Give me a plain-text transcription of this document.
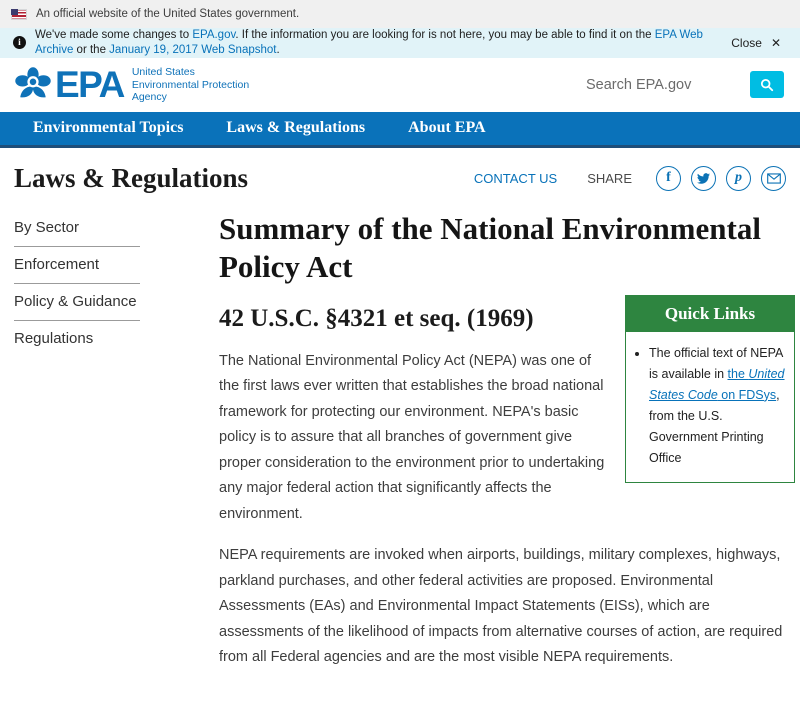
An official website of the United States government.
i
We've made some changes to EPA.gov. If the information you are looking for is not here, you may be able to find it on the EPA Web Archive or the January 19, 2017 Web Snapshot.	Close ✕
EPA United States
Environmental Protection
Agency
Search EPA.gov
Environmental Topics	Laws & Regulations	About EPA
Laws & Regulations	CONTACT US SHARE f	p
By Sector
Enforcement
Policy & Guidance
Regulations
Summary of the National Environmental Policy Act
Quick Links
• The official text of NEPA is available in the United States Code on FDSys, from the U.S. Government Printing Office
42 U.S.C. §4321 et seq. (1969)

The National Environmental Policy Act (NEPA) was one of the first laws ever written that establishes the broad national framework for protecting our environment. NEPA's basic policy is to assure that all branches of government give proper consideration to the environment prior to undertaking any major federal action that significantly affects the environment.

NEPA requirements are invoked when airports, buildings, military complexes, highways, parkland purchases, and other federal activities are proposed. Environmental Assessments (EAs) and Environmental Impact Statements (EISs), which are assessments of the likelihood of impacts from alternative courses of action, are required from all Federal agencies and are the most visible NEPA requirements.
